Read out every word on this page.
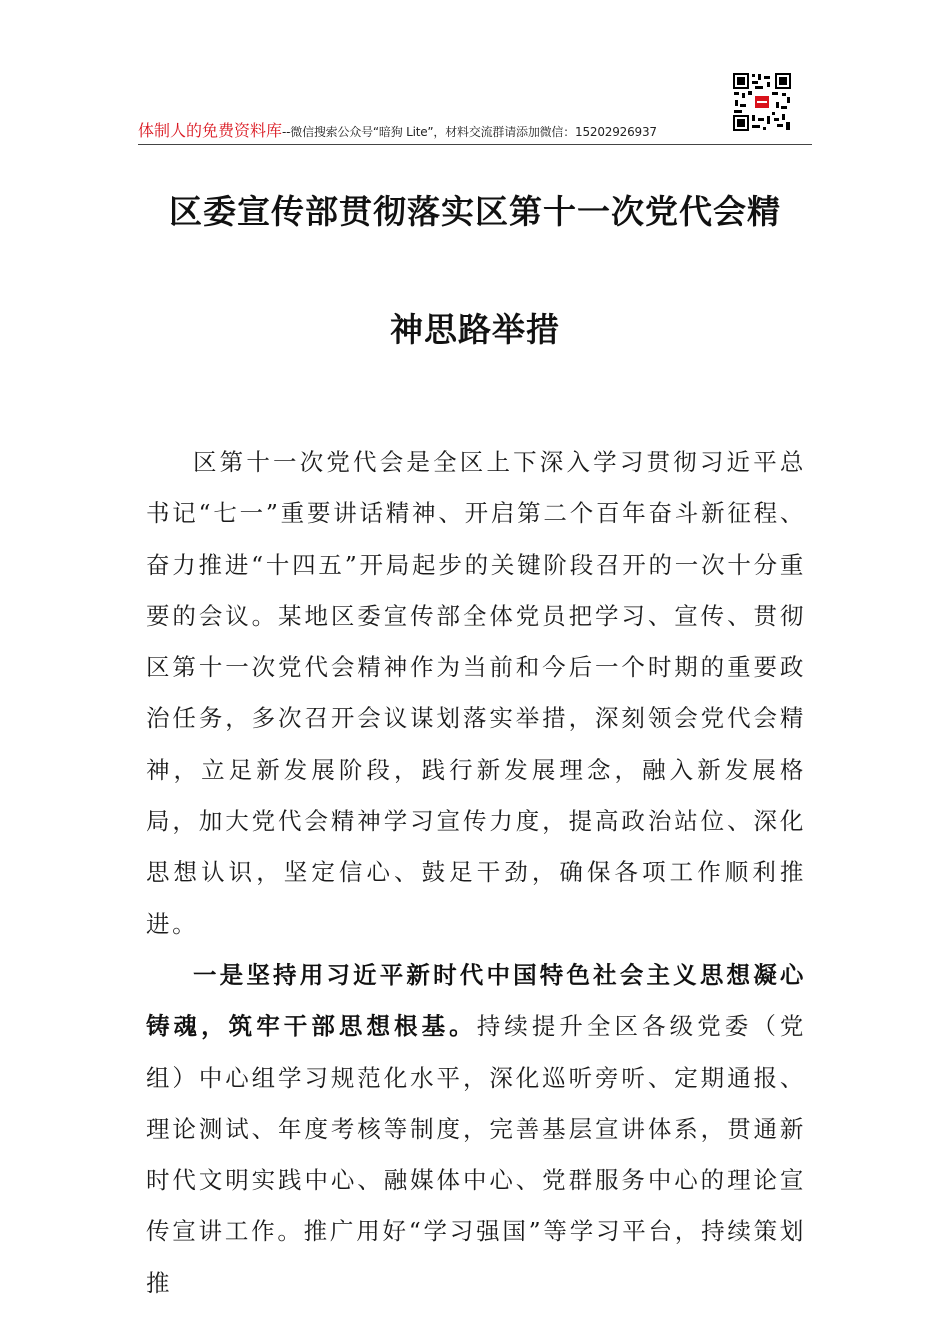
体制人的免费资料库--微信搜索公众号“暗狗 Lite”，材料交流群请添加微信：15202926937
区委宣传部贯彻落实区第十一次党代会精
神思路举措

区第十一次党代会是全区上下深入学习贯彻习近平总书记“七一”重要讲话精神、开启第二个百年奋斗新征程、奋力推进“十四五”开局起步的关键阶段召开的一次十分重要的会议。某地区委宣传部全体党员把学习、宣传、贯彻区第十一次党代会精神作为当前和今后一个时期的重要政治任务，多次召开会议谋划落实举措，深刻领会党代会精神，立足新发展阶段，践行新发展理念，融入新发展格局，加大党代会精神学习宣传力度，提高政治站位、深化思想认识，坚定信心、鼓足干劲，确保各项工作顺利推进。

一是坚持用习近平新时代中国特色社会主义思想凝心铸魂，筑牢干部思想根基。持续提升全区各级党委（党组）中心组学习规范化水平，深化巡听旁听、定期通报、理论测试、年度考核等制度，完善基层宣讲体系，贯通新时代文明实践中心、融媒体中心、党群服务中心的理论宣传宣讲工作。推广用好“学习强国”等学习平台，持续策划推
